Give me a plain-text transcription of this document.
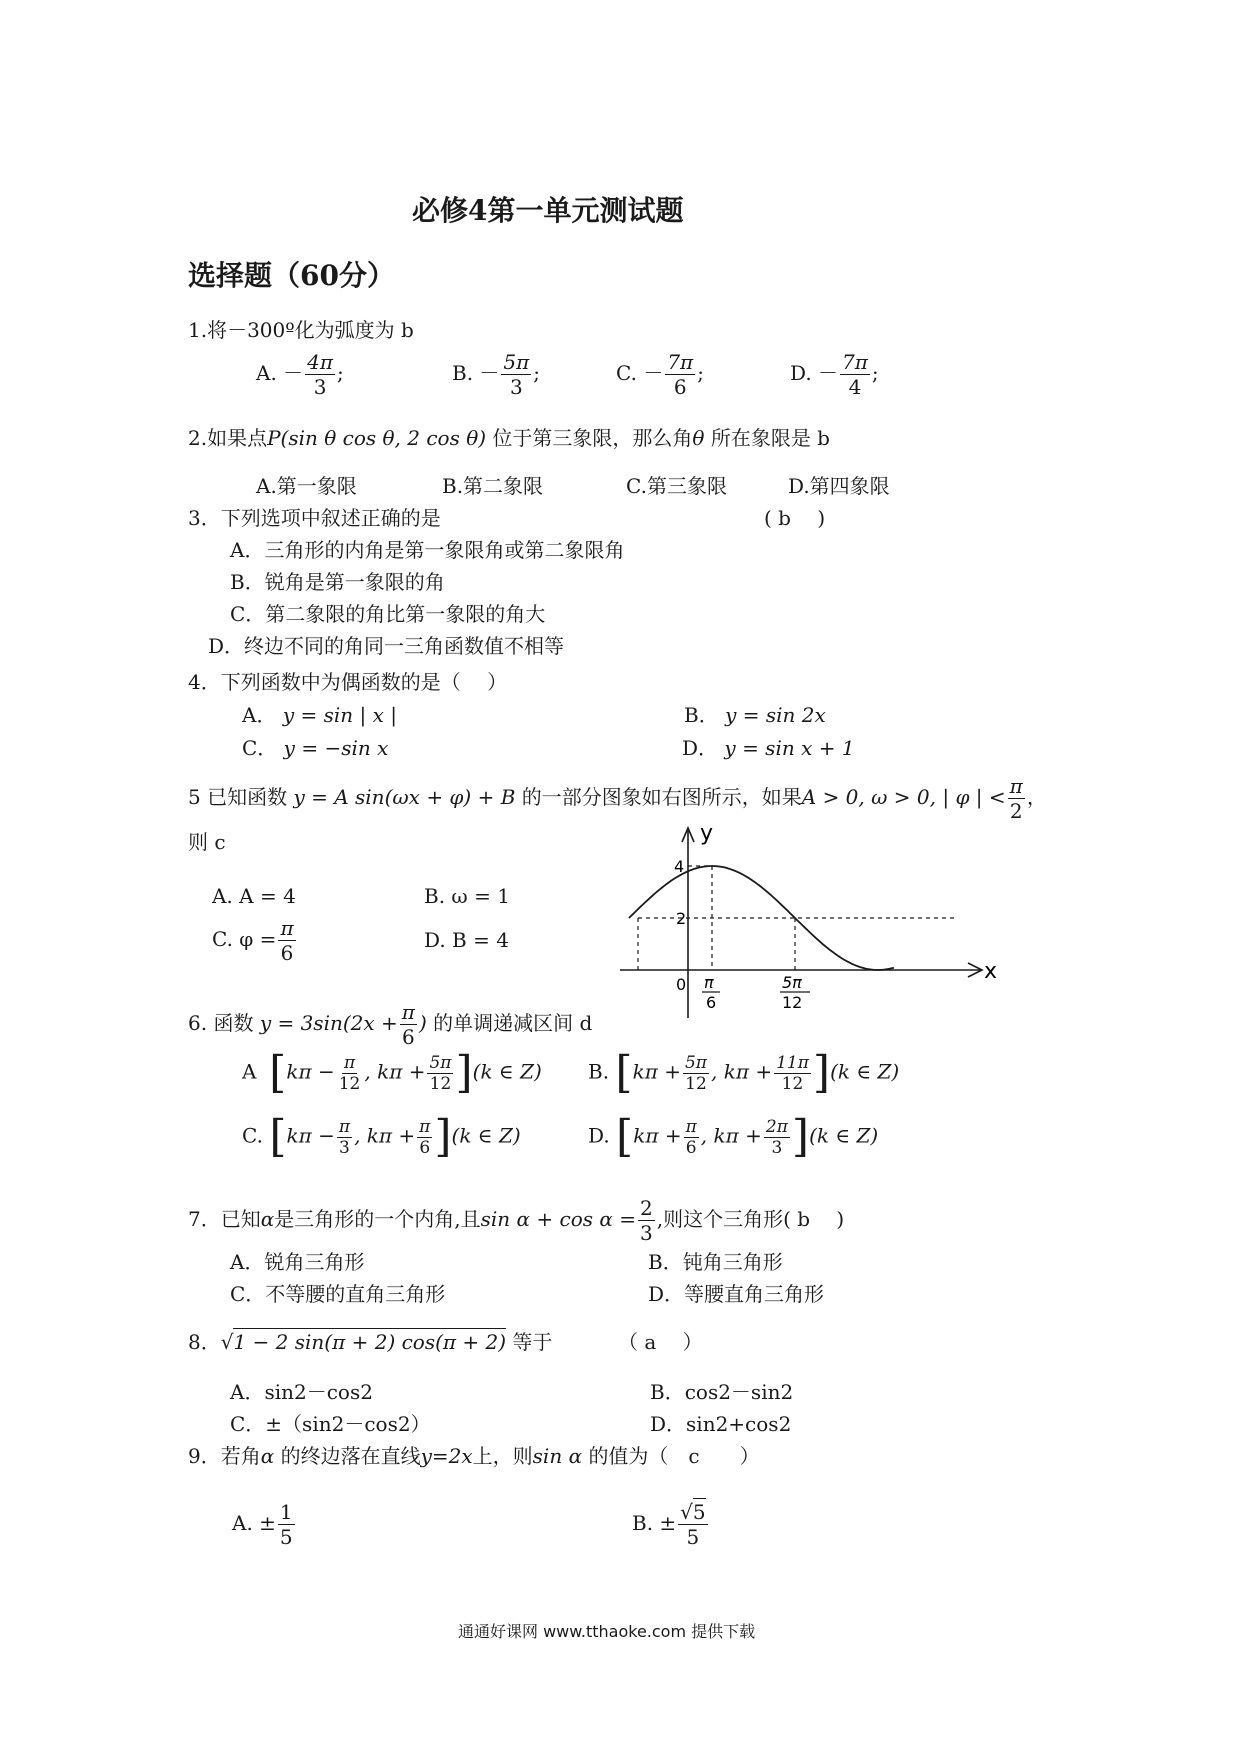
必修4第一单元测试题
选择题（60分）
1.将－300º化为弧度为 b
A. － $\frac{4\pi}{3}$ ;	B. － $\frac{5\pi}{3}$ ;	C. － $\frac{7\pi}{6}$ ;	D. － $\frac{7\pi}{4}$ ;
2.如果点P(sin θ cos θ, 2 cos θ) 位于第三象限，那么角θ 所在象限是 b
A.第一象限	B.第二象限	C.第三象限	D.第四象限
3．下列选项中叙述正确的是	( b　 )
A．三角形的内角是第一象限角或第二象限角
B．锐角是第一象限的角
C．第二象限的角比第一象限的角大
D．终边不同的角同一三角函数值不相等
4．下列函数中为偶函数的是（　 ）
A． y = sin | x |	B． y = sin 2x
C． y = −sin x	D． y = sin x + 1
5 已知函数 y = A sin(ωx + φ) + B 的一部分图象如右图所示，如果A > 0, ω > 0, | φ | < $\frac{\pi}{2}$ ，
则 c
A. A = 4	B. ω = 1
C. $\varphi = \frac{\pi}{6}$	D. B = 4
y
x
4
2
0 π
6
5π
12
6. 函数 $y = 3\sin(2x + \frac{\pi}{6}$ ) 的单调递减区间 d
A [$k\pi - \frac{\pi}{12}$ , $k\pi + \frac{5\pi}{12} ](k$ ∈ Z) B. [$k\pi + \frac{5\pi}{12}$ , $k\pi + \frac{11\pi}{12} ](k$ ∈ Z)
C. [$k\pi - \frac{\pi}{3}$ , $k\pi + \frac{\pi}{6} ](k$ ∈ Z)	D. [$k\pi + \frac{\pi}{6}$ , $k\pi + \frac{2\pi}{3} ](k$ ∈ Z)
7．已知α是三角形的一个内角,且$\sin \alpha + \cos \alpha = \frac{2}{3}$ ,则这个三角形( b　 )
A．锐角三角形	B．钝角三角形
C．不等腰的直角三角形	D．等腰直角三角形
8．√1 − 2 sin(π + 2) cos(π + 2) 等于	（ a　 ）
A．sin2－cos2	B．cos2－sin2
C．±（sin2－cos2）	D．sin2+cos2
9．若角α 的终边落在直线y=2x上，则sin α 的值为（　c　　）
A. ± $\frac{1}{5}$	B. ± $\frac{√5}{5}$
通通好课网 www.tthaoke.com 提供下载
